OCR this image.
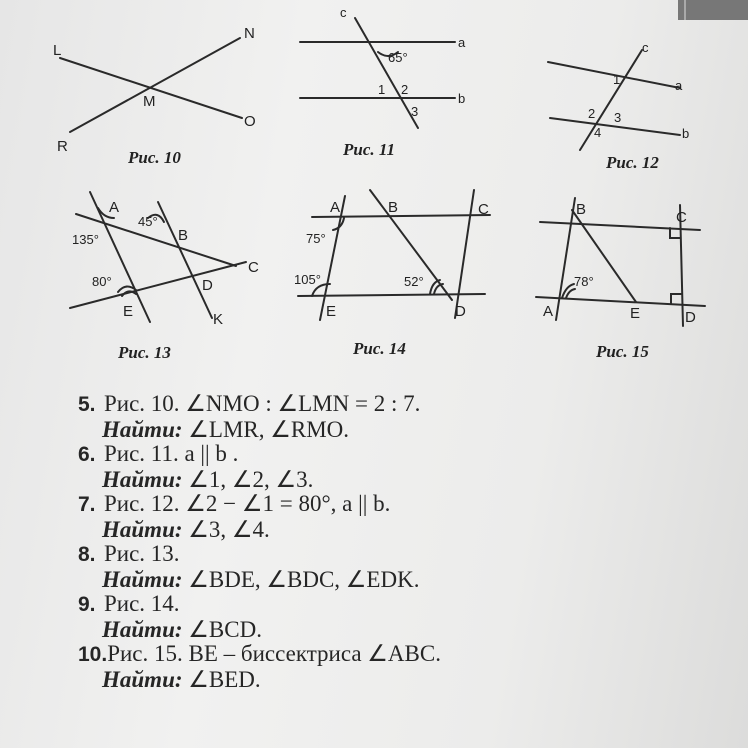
L
N
M
R
O
Рис. 10
c
a
b
65°
1 2
3
Рис. 11
c
a
b
1
2 3
4
Рис. 12
A
B
C
D
E	K
135°
45°
80°
Рис. 13
A	B	C
D
E
75°
105°	52°
Рис. 14
B	C
A	E	D
78°
Рис. 15
5. Рис. 10. ∠NMO : ∠LMN = 2 : 7.
Найти: ∠LMR, ∠RMO.
6. Рис. 11. a || b .
Найти: ∠1, ∠2, ∠3.
7. Рис. 12. ∠2 − ∠1 = 80°, a || b.
Найти: ∠3, ∠4.
8. Рис. 13.
Найти: ∠BDE, ∠BDC, ∠EDK.
9. Рис. 14.
Найти: ∠BCD.
10.Рис. 15. BE – биссектриса ∠ABC.
Найти: ∠BED.
